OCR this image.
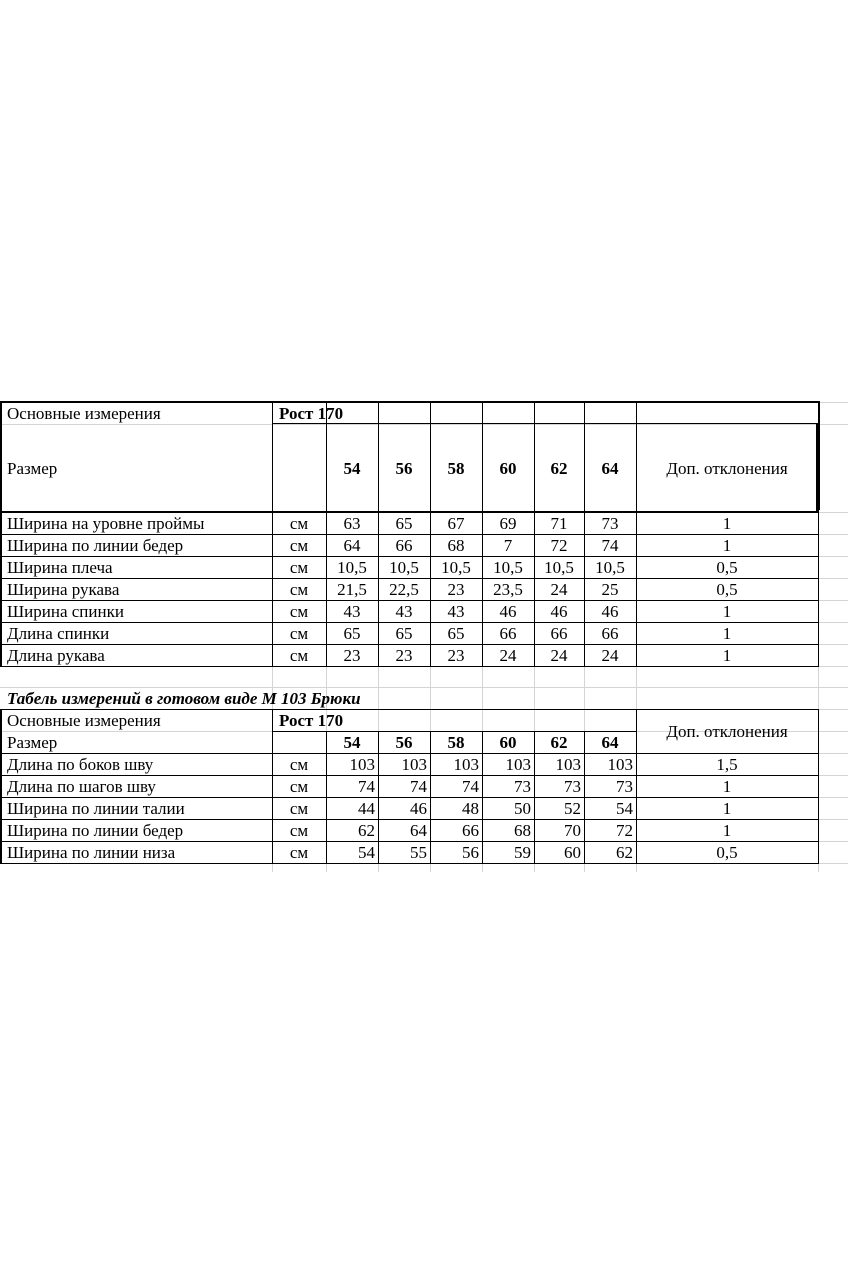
Основные измерения	Рост 170
Размер	54	56	58	60	62	64	Доп. отклонения
Ширина на уровне проймы	см	63	65	67	69	71	73	1
Ширина по линии бедер	см	64	66	68	7	72	74	1
Ширина плеча	см	10,5	10,5	10,5	10,5	10,5	10,5	0,5
Ширина рукава	см	21,5	22,5	23	23,5	24	25	0,5
Ширина спинки	см	43	43	43	46	46	46	1
Длина спинки	см	65	65	65	66	66	66	1
Длина рукава	см	23	23	23	24	24	24	1
Табель измерений в готовом виде М 103 Брюки
Основные измерения	Рост 170
Доп. отклонения
Размер	54	56	58	60	62	64
Длина по боков шву	см	103	103	103	103	103	103	1,5
Длина по шагов шву	см	74	74	74	73	73	73	1
Ширина по линии талии	см	44	46	48	50	52	54	1
Ширина по линии бедер	см	62	64	66	68	70	72	1
Ширина по линии низа	см	54	55	56	59	60	62	0,5
